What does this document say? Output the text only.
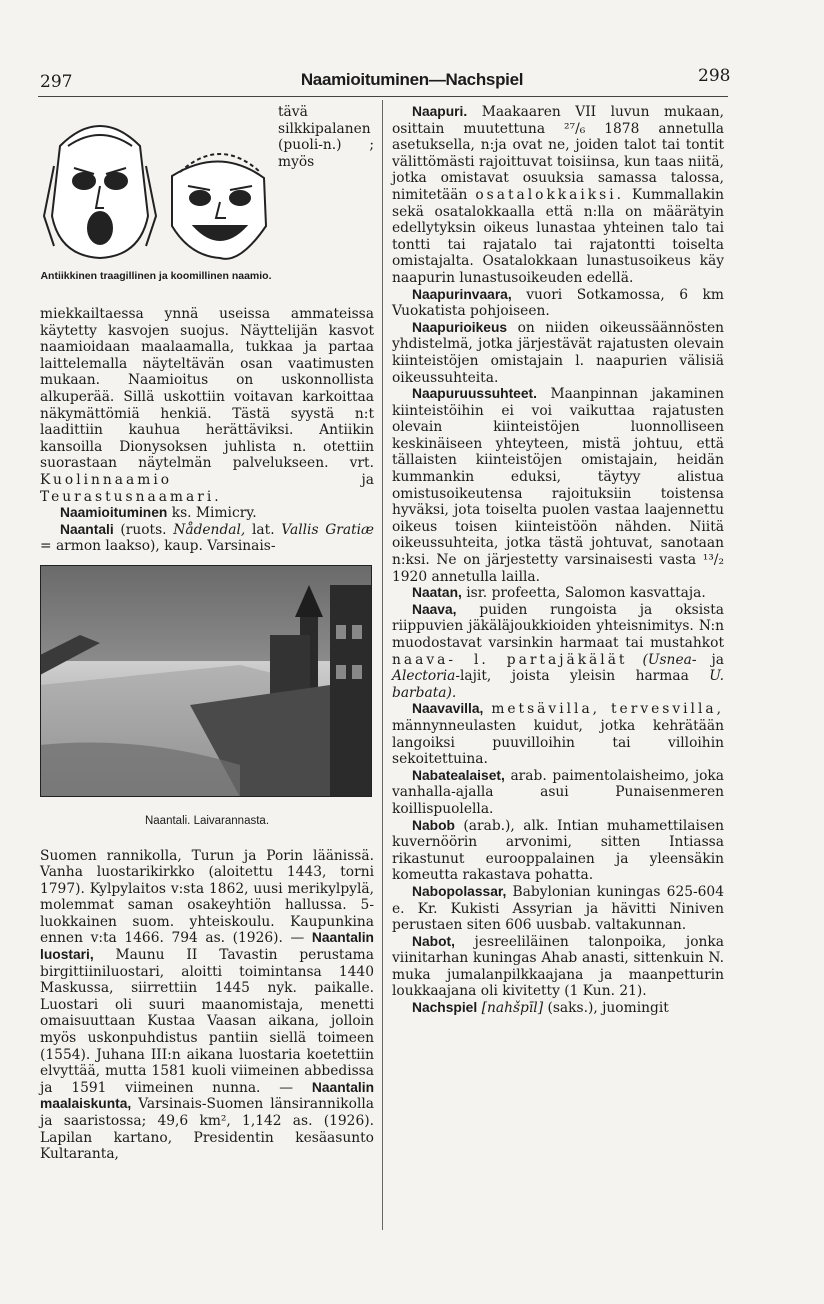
297	Naamioituminen—Nachspiel	298
Antiikkinen traagillinen ja koomillinen naamio.

tävä silkkipalanen (puoli-n.) ; myös miekkailtaessa ynnä useissa ammateissa käytetty kasvojen suojus. Näyttelijän kasvot naamioidaan maalaamalla, tukkaa ja partaa laittelemalla näyteltävän osan vaatimusten mukaan. Naamioitus on uskonnollista alkuperää. Sillä uskottiin voitavan karkoittaa näkymättömiä henkiä. Tästä syystä n:t laadittiin kauhua herättäviksi. Antiikin kansoilla Dionysoksen juhlista n. otettiin suorastaan näytelmän palvelukseen. vrt. Kuolinnaamio	ja Teurastusnaamari.

Naamioituminen ks. Mimicry.

Naantali (ruots. Nådendal, lat. Vallis Gratiæ = armon laakso), kaup. Varsinais-

Naantali. Laivarannasta.

Suomen rannikolla, Turun ja Porin läänissä. Vanha luostarikirkko (aloitettu 1443, torni 1797). Kylpylaitos v:sta 1862, uusi merikylpylä, molemmat saman osakeyhtiön hallussa. 5-luokkainen suom. yhteiskoulu. Kaupunkina ennen v:ta 1466. 794 as. (1926). — Naantalin luostari, Maunu II Tavastin perustama birgittiiniluostari, aloitti toimintansa 1440 Maskussa, siirrettiin 1445 nyk. paikalle. Luostari oli suuri maanomistaja, menetti omaisuuttaan Kustaa Vaasan aikana, jolloin myös uskonpuhdistus pantiin siellä toimeen (1554). Juhana III:n aikana luostaria koetettiin elvyttää, mutta 1581 kuoli viimeinen abbedissa ja 1591 viimeinen nunna. — Naantalin maalaiskunta, Varsinais-Suomen länsirannikolla ja saaristossa; 49,6 km², 1,142 as. (1926). Lapilan kartano, Presidentin kesäasunto Kultaranta,

Naapuri. Maakaaren VII luvun mukaan, osittain muutettuna ²⁷/₆ 1878 annetulla asetuksella, n:ja ovat ne, joiden talot tai tontit välittömästi rajoittuvat toisiinsa, kun taas niitä, jotka omistavat osuuksia samassa talossa, nimitetään osatalokkaiksi. Kummallakin sekä osatalokkaalla että n:lla on määrätyin edellytyksin oikeus lunastaa yhteinen talo tai tontti tai rajatalo tai rajatontti toiselta omistajalta. Osatalokkaan lunastusoikeus käy naapurin lunastusoikeuden edellä.

Naapurinvaara, vuori Sotkamossa, 6 km Vuokatista pohjoiseen.

Naapurioikeus on niiden oikeussäännösten yhdistelmä, jotka järjestävät rajatusten olevain kiinteistöjen omistajain l. naapurien välisiä oikeussuhteita.

Naapuruussuhteet. Maanpinnan jakaminen kiinteistöihin ei voi vaikuttaa rajatusten olevain kiinteistöjen luonnolliseen keskinäiseen yhteyteen, mistä johtuu, että tällaisten kiinteistöjen omistajain, heidän kummankin eduksi, täytyy alistua omistusoikeutensa rajoituksiin toistensa hyväksi, jota toiselta puolen vastaa laajennettu oikeus toisen kiinteistöön nähden. Niitä oikeussuhteita, jotka tästä johtuvat, sanotaan n:ksi. Ne on järjestetty varsinaisesti vasta ¹³/₂ 1920 annetulla lailla.

Naatan, isr. profeetta, Salomon kasvattaja.

Naava, puiden rungoista ja oksista riippuvien jäkäläjoukkioiden yhteisnimitys. N:n muodostavat varsinkin harmaat tai mustahkot naava- l. partajäkälät (Usnea- ja Alectoria-lajit, joista yleisin harmaa U. barbata).

Naavavilla, metsävilla, tervesvilla, männynneulasten kuidut, jotka kehrätään langoiksi puuvilloihin tai villoihin sekoitettuina.

Nabatealaiset, arab. paimentolaisheimo, joka vanhalla-ajalla asui Punaisenmeren koillispuolella.

Nabob (arab.), alk. Intian muhamettilaisen kuvernöörin arvonimi, sitten Intiassa rikastunut eurooppalainen ja yleensäkin komeutta rakastava pohatta.

Nabopolassar, Babylonian kuningas 625-604 e. Kr. Kukisti Assyrian ja hävitti Niniven perustaen siten 606 uusbab. valtakunnan.

Nabot, jesreeliläinen talonpoika, jonka viinitarhan kuningas Ahab anasti, sittenkuin N. muka jumalanpilkkaajana ja maanpetturin loukkaajana oli kivitetty (1 Kun. 21).

Nachspiel [nahšpīl] (saks.), juomingit
